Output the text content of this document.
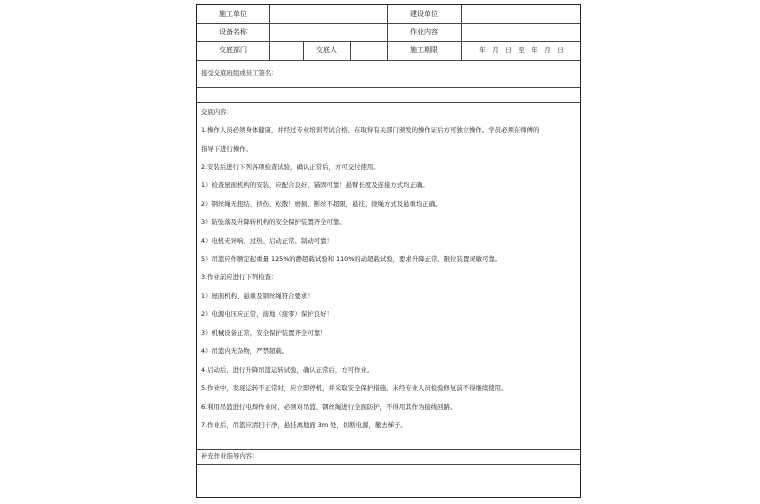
施工单位	建设单位
设备名称	作业内容
交底部门	交底人	施工期限	年　月　日　至　年　月　日
接受交底班组或员工签名：
交底内容：
1.操作人员必须身体健康，并经过专业培训考试合格，在取得有关部门颁发的操作证后方可独立操作。学员必须在师傅的
指导下进行操作。
2.安装后进行下列各项检查试验，确认正常后，方可交付使用。
1）检查屋面机构的安装，应配合良好，锚固可靠！悬臂长度及连接方式均正确。
2）钢丝绳无扭结、挤伤、松散！磨损、断丝不超限，悬挂、绕绳方式及悬重均正确。
3）防坠落及升降转机构的安全保护装置齐全可靠。
4）电机无异响、过热、启动正常、制动可靠！
5）吊篮应作额定起重量 125%的静超载试验和 110%的动超载试验，要求升降正常，限位装置灵敏可靠。
3.作业前应进行下列检查：
1）屋面机构、悬重及钢丝绳符合要求！
2）电源电压应正常，接地（接零）保护良好！
3）机械设备正常，安全保护装置齐全可靠！
4）吊篮内无杂物，严禁超载。
4.启动后，进行升降吊篮运转试验，确认正常后，方可作业。
5.作业中，发现运转不正常时，应立即停机，并采取安全保护措施。未经专业人员检验修复前不得继续使用。
6.利用吊篮进行电焊作业时，必须对吊篮、钢丝绳进行全面防护，不得用其作为接线回路。
7.作业后，吊篮应清扫干净，悬挂离地面 3m 处，切断电源，撤去梯子。
补充作业指导内容：
